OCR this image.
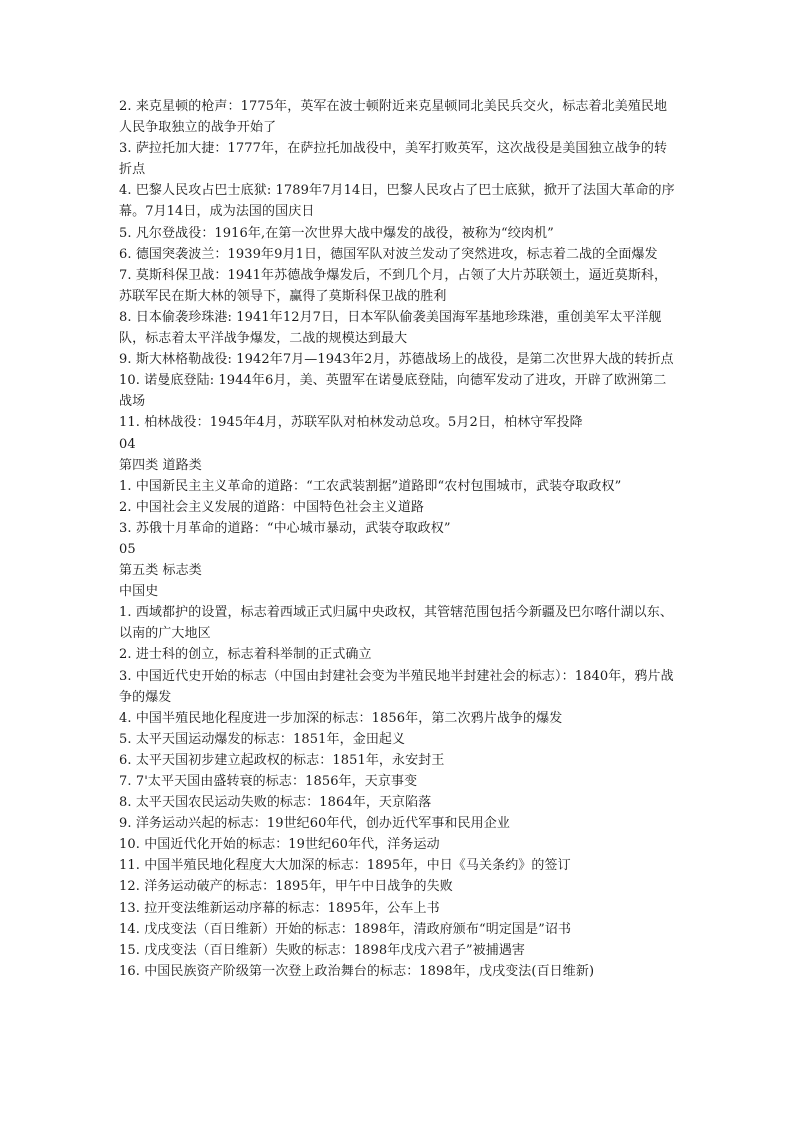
2. 来克星顿的枪声：1775年，英军在波士顿附近来克星顿同北美民兵交火，标志着北美殖民地人民争取独立的战争开始了

3. 萨拉托加大捷：1777年，在萨拉托加战役中，美军打败英军，这次战役是美国独立战争的转折点

4. 巴黎人民攻占巴士底狱: 1789年7月14日，巴黎人民攻占了巴士底狱，掀开了法国大革命的序幕。7月14日，成为法国的国庆日

5. 凡尔登战役：1916年,在第一次世界大战中爆发的战役，被称为“绞肉机”

6. 德国突袭波兰：1939年9月1日，德国军队对波兰发动了突然进攻，标志着二战的全面爆发

7. 莫斯科保卫战：1941年苏德战争爆发后，不到几个月，占领了大片苏联领土，逼近莫斯科，苏联军民在斯大林的领导下，赢得了莫斯科保卫战的胜利

8. 日本偷袭珍珠港: 1941年12月7日，日本军队偷袭美国海军基地珍珠港，重创美军太平洋舰队，标志着太平洋战争爆发，二战的规模达到最大

9. 斯大林格勒战役: 1942年7月—1943年2月，苏德战场上的战役，是第二次世界大战的转折点

10. 诺曼底登陆: 1944年6月，美、英盟军在诺曼底登陆，向德军发动了进攻，开辟了欧洲第二战场

11. 柏林战役：1945年4月，苏联军队对柏林发动总攻。5月2日，柏林守军投降

04

第四类 道路类

1. 中国新民主主义革命的道路：“工农武装割据”道路即“农村包围城市，武装夺取政权”

2. 中国社会主义发展的道路：中国特色社会主义道路

3. 苏俄十月革命的道路：“中心城市暴动，武装夺取政权”

05

第五类 标志类

中国史

1. 西域都护的设置，标志着西域正式归属中央政权，其管辖范围包括今新疆及巴尔喀什湖以东、以南的广大地区

2. 进士科的创立，标志着科举制的正式确立

3. 中国近代史开始的标志（中国由封建社会变为半殖民地半封建社会的标志）：1840年，鸦片战争的爆发

4. 中国半殖民地化程度进一步加深的标志：1856年，第二次鸦片战争的爆发

5. 太平天国运动爆发的标志：1851年，金田起义

6. 太平天国初步建立起政权的标志：1851年，永安封王

7. 7'太平天国由盛转衰的标志：1856年，天京事变

8. 太平天国农民运动失败的标志：1864年，天京陷落

9. 洋务运动兴起的标志：19世纪60年代，创办近代军事和民用企业

10. 中国近代化开始的标志：19世纪60年代，洋务运动

11. 中国半殖民地化程度大大加深的标志：1895年，中日《马关条约》的签订

12. 洋务运动破产的标志：1895年，甲午中日战争的失败

13. 拉开变法维新运动序幕的标志：1895年，公车上书

14. 戊戌变法（百日维新）开始的标志：1898年，清政府颁布“明定国是”诏书

15. 戊戌变法（百日维新）失败的标志：1898年戊戌六君子”被捕遇害

16. 中国民族资产阶级第一次登上政治舞台的标志：1898年，戊戌变法(百日维新)
